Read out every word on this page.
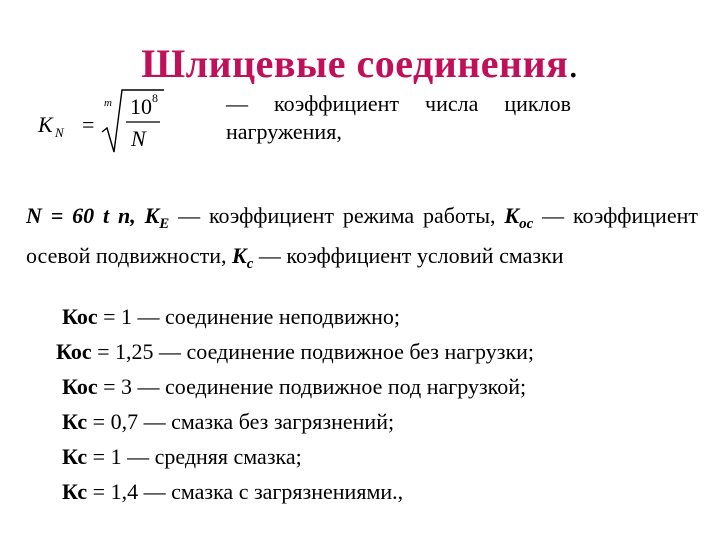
Шлицевые соединения.
K N =
m 10 8
N
— коэффициент числа циклов
нагружения,
N = 60 t n, $K_E$ — коэффициент режима работы, $K_{oc}$ — коэффициент осевой подвижности, $K_c$ — коэффициент условий смазки
Кос = 1 — соединение неподвижно;
Кос = 1,25 — соединение подвижное без нагрузки;
Кос = 3 — соединение подвижное под нагрузкой;
Кс = 0,7 — смазка без загрязнений;
Кс = 1 — средняя смазка;
Кс = 1,4 — смазка с загрязнениями.,
